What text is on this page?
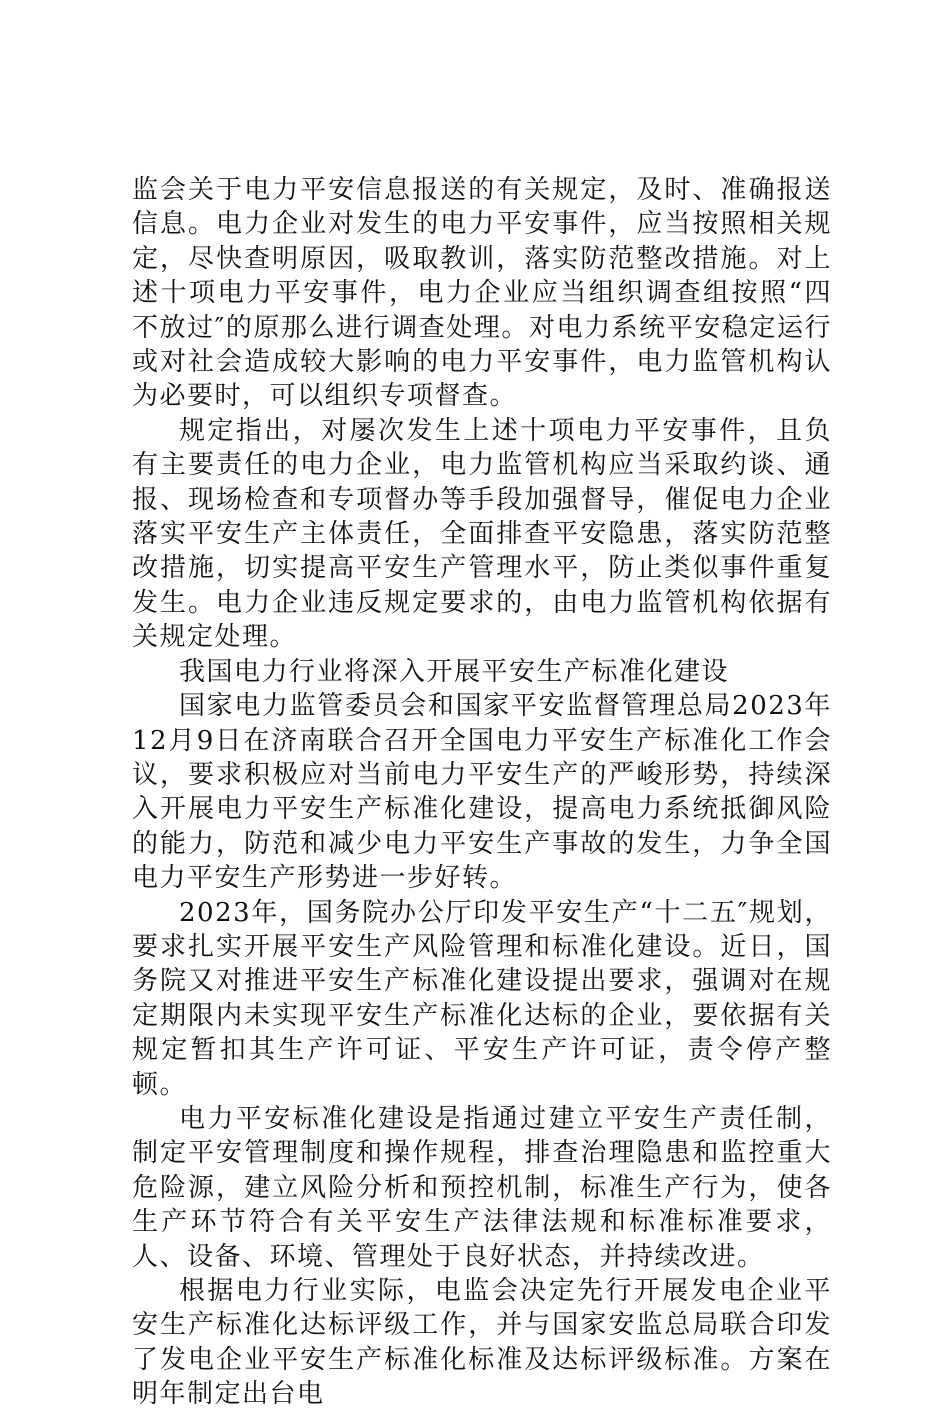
监会关于电力平安信息报送的有关规定，及时、准确报送信息。电力企业对发生的电力平安事件，应当按照相关规定，尽快查明原因，吸取教训，落实防范整改措施。对上述十项电力平安事件，电力企业应当组织调查组按照“四不放过″的原那么进行调查处理。对电力系统平安稳定运行或对社会造成较大影响的电力平安事件，电力监管机构认为必要时，可以组织专项督查。

规定指出，对屡次发生上述十项电力平安事件，且负有主要责任的电力企业，电力监管机构应当采取约谈、通报、现场检查和专项督办等手段加强督导，催促电力企业落实平安生产主体责任，全面排查平安隐患，落实防范整改措施，切实提高平安生产管理水平，防止类似事件重复发生。电力企业违反规定要求的，由电力监管机构依据有关规定处理。

我国电力行业将深入开展平安生产标准化建设

国家电力监管委员会和国家平安监督管理总局2023年12月9日在济南联合召开全国电力平安生产标准化工作会议，要求积极应对当前电力平安生产的严峻形势，持续深入开展电力平安生产标准化建设，提高电力系统抵御风险的能力，防范和减少电力平安生产事故的发生，力争全国电力平安生产形势进一步好转。

2023年，国务院办公厅印发平安生产“十二五″规划，要求扎实开展平安生产风险管理和标准化建设。近日，国务院又对推进平安生产标准化建设提出要求，强调对在规定期限内未实现平安生产标准化达标的企业，要依据有关规定暂扣其生产许可证、平安生产许可证，责令停产整顿。

电力平安标准化建设是指通过建立平安生产责任制，制定平安管理制度和操作规程，排查治理隐患和监控重大危险源，建立风险分析和预控机制，标准生产行为，使各生产环节符合有关平安生产法律法规和标准标准要求，人、设备、环境、管理处于良好状态，并持续改进。

根据电力行业实际，电监会决定先行开展发电企业平安生产标准化达标评级工作，并与国家安监总局联合印发了发电企业平安生产标准化标准及达标评级标准。方案在明年制定出台电
